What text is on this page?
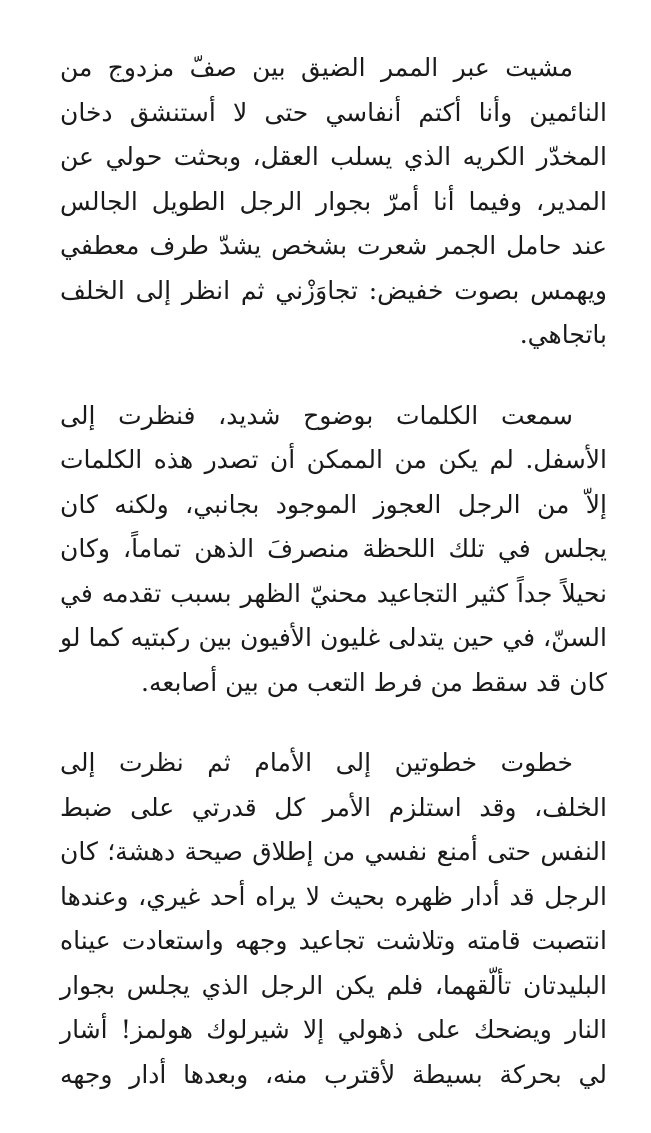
مشيت عبر الممر الضيق بين صفّ مزدوج من
النائمين وأنا أكتم أنفاسي حتى لا أستنشق دخان
المخدّر الكريه الذي يسلب العقل، وبحثت حولي عن
المدير، وفيما أنا أمرّ بجوار الرجل الطويل الجالس
عند حامل الجمر شعرت بشخص يشدّ طرف معطفي
ويهمس بصوت خفيض: تجاوَزْني ثم انظر إلى الخلف
باتجاهي.
سمعت الكلمات بوضوح شديد، فنظرت إلى
الأسفل. لم يكن من الممكن أن تصدر هذه الكلمات
إلاّ من الرجل العجوز الموجود بجانبي، ولكنه كان
يجلس في تلك اللحظة منصرفَ الذهن تماماً، وكان
نحيلاً جداً كثير التجاعيد محنيّ الظهر بسبب تقدمه في
السنّ، في حين يتدلى غليون الأفيون بين ركبتيه كما لو
كان قد سقط من فرط التعب من بين أصابعه.
خطوت خطوتين إلى الأمام ثم نظرت إلى
الخلف، وقد استلزم الأمر كل قدرتي على ضبط
النفس حتى أمنع نفسي من إطلاق صيحة دهشة؛ كان
الرجل قد أدار ظهره بحيث لا يراه أحد غيري، وعندها
انتصبت قامته وتلاشت تجاعيد وجهه واستعادت عيناه
البليدتان تألّقهما، فلم يكن الرجل الذي يجلس بجوار
النار ويضحك على ذهولي إلا شيرلوك هولمز! أشار
لي بحركة بسيطة لأقترب منه، وبعدها أدار وجهه
